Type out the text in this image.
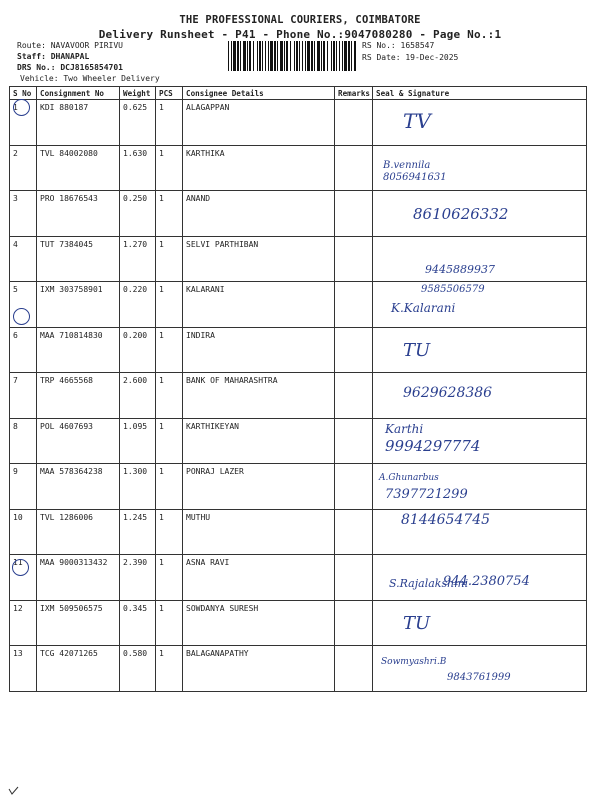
THE PROFESSIONAL COURIERS, COIMBATORE
Delivery Runsheet - P41 - Phone No.:9047080280 - Page No.:1
Route: NAVAVOOR PIRIVU
Staff: DHANAPAL
DRS No.: DCJ8165854701
Vehicle: Two Wheeler Delivery
RS No.: 1658547
RS Date: 19-Dec-2025
S No	Consignment No	Weight	PCS	Consignee Details	Remarks	Seal & Signature
1	KDI 880187	0.625	1	ALAGAPPAN		TV

2	TVL 84002080	1.630	1	KARTHIKA		B.vennila
8056941631

3	PRO 18676543	0.250	1	ANAND		8610626332

4	TUT 7384045	1.270	1	SELVI PARTHIBAN		9445889937

5	IXM 303758901	0.220	1	KALARANI		9585506579
K.Kalarani

6	MAA 710814830	0.200	1	INDIRA		TU

7	TRP 4665568	2.600	1	BANK OF MAHARASHTRA		9629628386

8	POL 4607693	1.095	1	KARTHIKEYAN		Karthi
9994297774

9	MAA 578364238	1.300	1	PONRAJ LAZER		A.Ghunarbus
7397721299

10	TVL 1286006	1.245	1	MUTHU		8144654745

11	MAA 9000313432	2.390	1	ASNA RAVI		S.Rajalakshmi
944.2380754

12	IXM 509506575	0.345	1	SOWDANYA SURESH		TU

13	TCG 42071265	0.580	1	BALAGANAPATHY		Sowmyashri.B
9843761999
